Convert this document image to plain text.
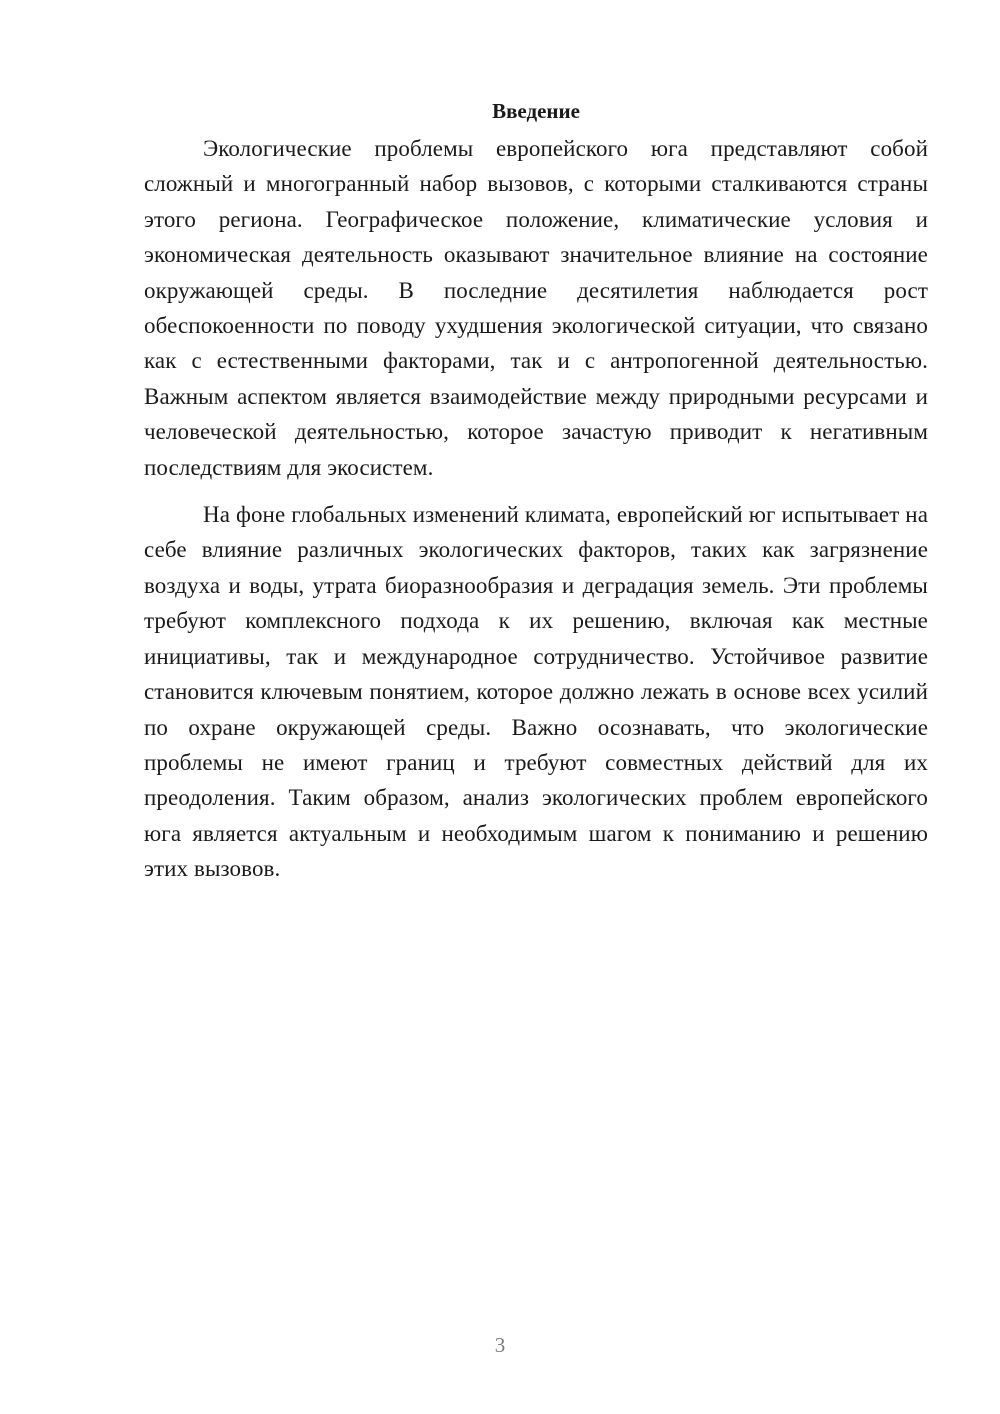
Введение

Экологические проблемы европейского юга представляют собой сложный и многогранный набор вызовов, с которыми сталкиваются страны этого региона. Географическое положение, климатические условия и экономическая деятельность оказывают значительное влияние на состояние окружающей среды. В последние десятилетия наблюдается рост обеспокоенности по поводу ухудшения экологической ситуации, что связано как с естественными факторами, так и с антропогенной деятельностью. Важным аспектом является взаимодействие между природными ресурсами и человеческой деятельностью, которое зачастую приводит к негативным последствиям для экосистем.

На фоне глобальных изменений климата, европейский юг испытывает на себе влияние различных экологических факторов, таких как загрязнение воздуха и воды, утрата биоразнообразия и деградация земель. Эти проблемы требуют комплексного подхода к их решению, включая как местные инициативы, так и международное сотрудничество. Устойчивое развитие становится ключевым понятием, которое должно лежать в основе всех усилий по охране окружающей среды. Важно осознавать, что экологические проблемы не имеют границ и требуют совместных действий для их преодоления. Таким образом, анализ экологических проблем европейского юга является актуальным и необходимым шагом к пониманию и решению этих вызовов.

3
